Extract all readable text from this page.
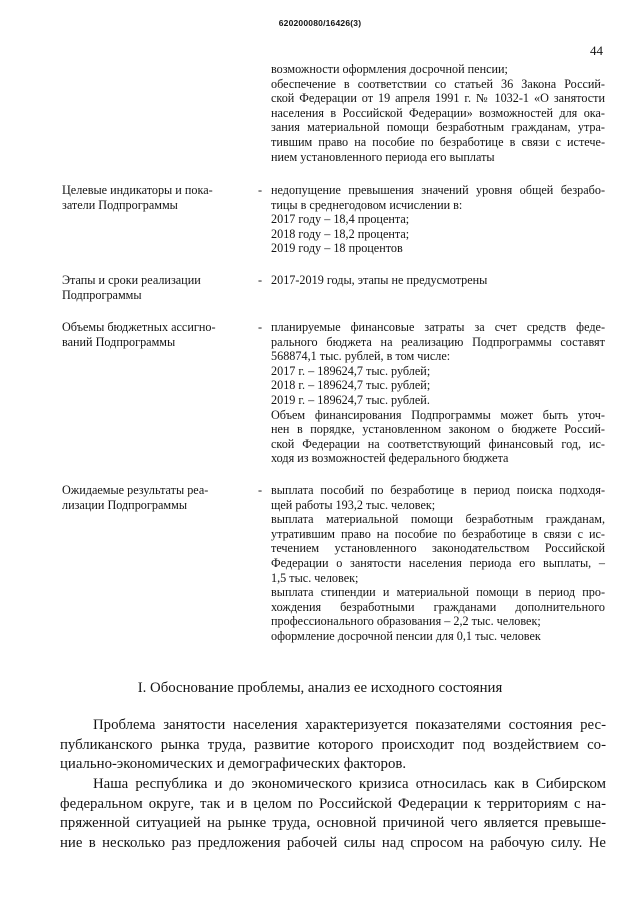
620200080/16426(3)
44
возможности оформления досрочной пенсии;
обеспечение в соответствии со статьей 36 Закона Россий-
ской Федерации от 19 апреля 1991 г. № 1032-1 «О занятости
населения в Российской Федерации» возможностей для ока-
зания материальной помощи безработным гражданам, утра-
тившим право на пособие по безработице в связи с истече-
нием установленного периода его выплаты
Целевые индикаторы и пока-
затели Подпрограммы
- недопущение превышения значений уровня общей безрабо-
тицы в среднегодовом исчислении в:
2017 году – 18,4 процента;
2018 году – 18,2 процента;
2019 году – 18 процентов
Этапы и сроки реализации
Подпрограммы
- 2017-2019 годы, этапы не предусмотрены
Объемы бюджетных ассигно-
ваний Подпрограммы
- планируемые финансовые затраты за счет средств феде-
рального бюджета на реализацию Подпрограммы составят
568874,1 тыс. рублей, в том числе:
2017 г. – 189624,7 тыс. рублей;
2018 г. – 189624,7 тыс. рублей;
2019 г. – 189624,7 тыс. рублей.
Объем финансирования Подпрограммы может быть уточ-
нен в порядке, установленном законом о бюджете Россий-
ской Федерации на соответствующий финансовый год, ис-
ходя из возможностей федерального бюджета
Ожидаемые результаты реа-
лизации Подпрограммы
- выплата пособий по безработице в период поиска подходя-
щей работы 193,2 тыс. человек;
выплата материальной помощи безработным гражданам,
утратившим право на пособие по безработице в связи с ис-
течением установленного законодательством Российской
Федерации о занятости населения периода его выплаты, –
1,5 тыс. человек;
выплата стипендии и материальной помощи в период про-
хождения безработными гражданами дополнительного
профессионального образования – 2,2 тыс. человек;
оформление досрочной пенсии для 0,1 тыс. человек
I. Обоснование проблемы, анализ ее исходного состояния
Проблема занятости населения характеризуется показателями состояния рес-
публиканского рынка труда, развитие которого происходит под воздействием со-
циально-экономических и демографических факторов.
Наша республика и до экономического кризиса относилась как в Сибирском
федеральном округе, так и в целом по Российской Федерации к территориям с на-
пряженной ситуацией на рынке труда, основной причиной чего является превыше-
ние в несколько раз предложения рабочей силы над спросом на рабочую силу. Не
